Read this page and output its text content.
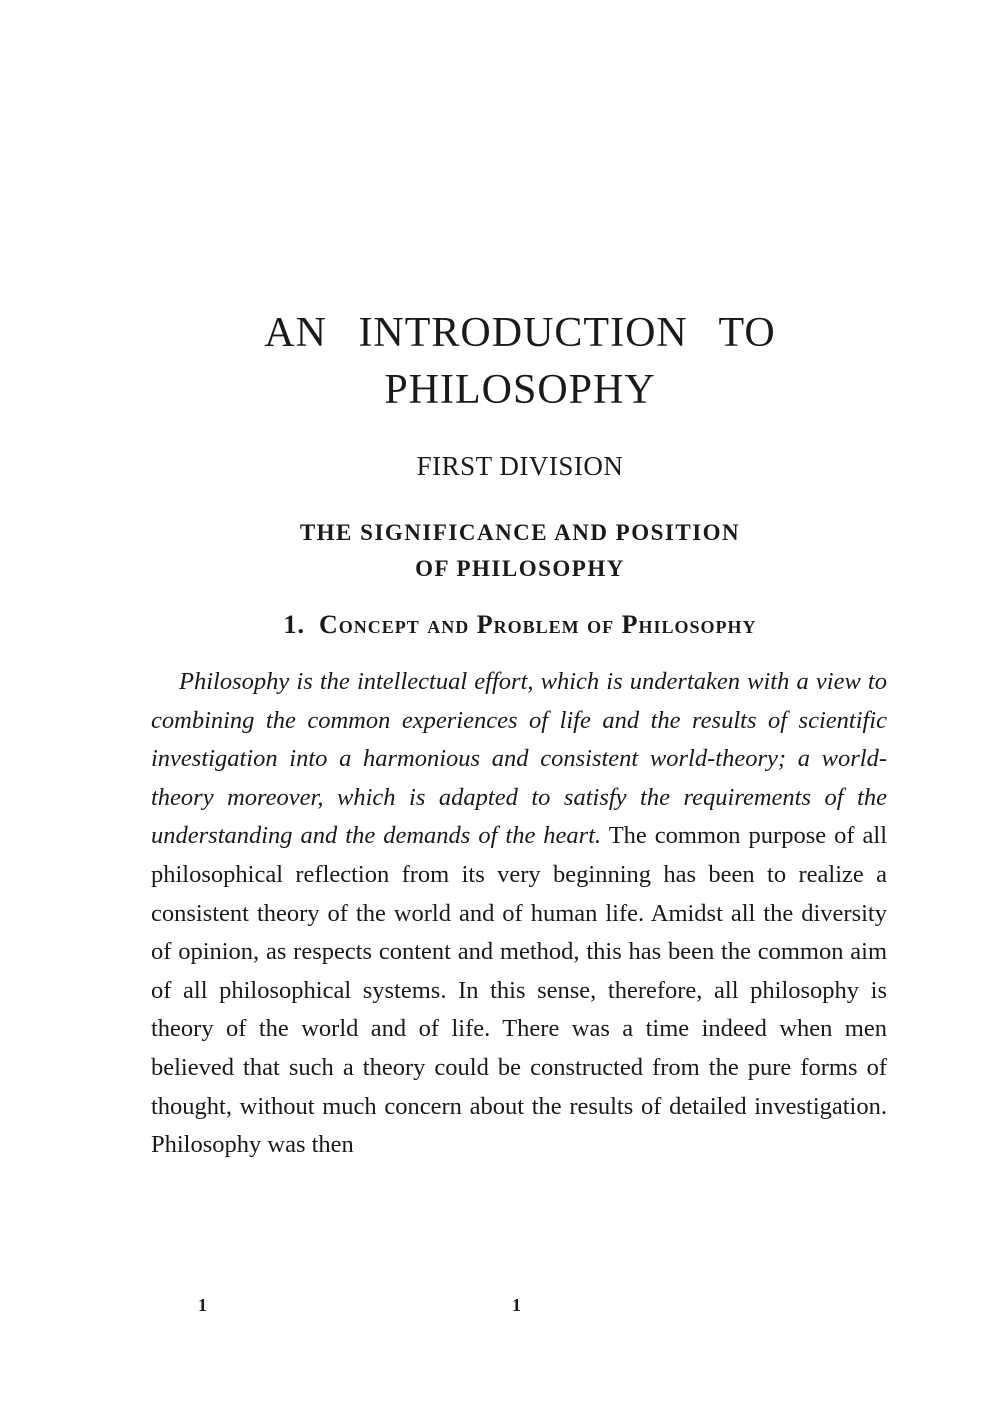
AN INTRODUCTION TO
PHILOSOPHY
FIRST DIVISION
THE SIGNIFICANCE AND POSITION
OF PHILOSOPHY
1. Concept and Problem of Philosophy

Philosophy is the intellectual effort, which is undertaken with a view to combining the common experiences of life and the results of scientific investigation into a harmonious and consistent world-theory; a world-theory moreover, which is adapted to satisfy the requirements of the understanding and the demands of the heart. The common purpose of all philosophical reflection from its very beginning has been to realize a consistent theory of the world and of human life. Amidst all the diversity of opinion, as respects content and method, this has been the common aim of all philosophical systems. In this sense, therefore, all philosophy is theory of the world and of life. There was a time indeed when men believed that such a theory could be constructed from the pure forms of thought, without much concern about the results of detailed investigation. Philosophy was then

1	1
